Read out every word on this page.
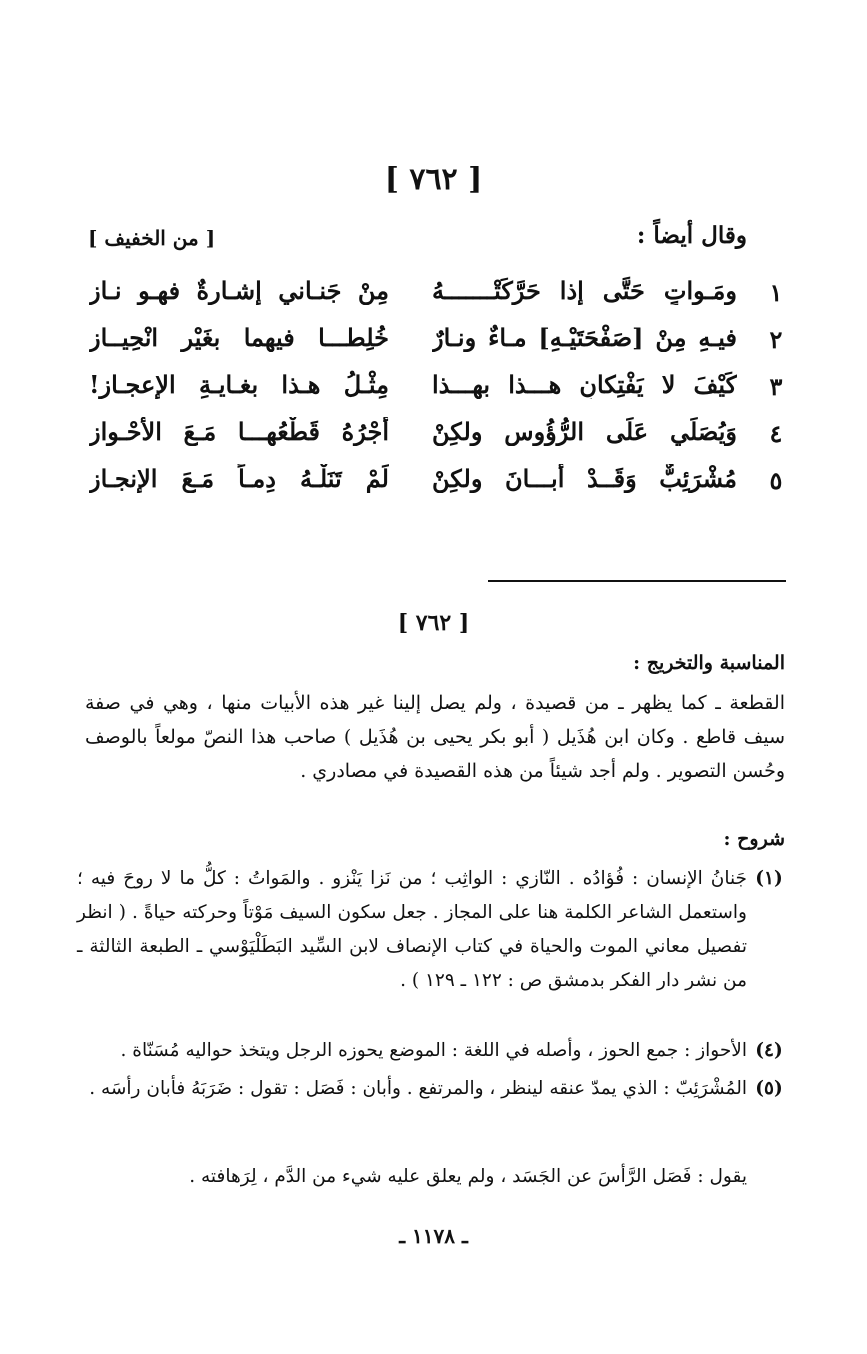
[ ٧٦٢ ]
وقال أيضاً :
[ من الخفيف ]
١
ومَـواتٍ حَتَّى إذا حَرَّكَتْـــــــهُ
مِنْ جَنـاني إشـارةٌ فهـو نـازِ
٢
فيـهِ مِنْ [صَفْحَتَيْـهِ] مـاءٌ ونـارٌ
خُلِطـــا فيهِما بغَيْرِ انْحِيــازِ
٣
كَيْفَ لا يَفْتِكانِ هـــذا بهـــذا
مِثْـلُ هـذا بغـايـةِ الإعجـازِ!
٤
وَيُصَلِّي عَلَى الرُّؤُوسِ ولكِنْ
أَجْرُهُ قَطْعُهـــا مَـعَ الأَحْـوازِ
٥
مُشْرَئِبٌّ وَقَــدْ أبـــانَ ولكِنْ
لَمْ تَنَلْـهُ دِمـاً مَـعَ الإنجـازِ
[ ٧٦٢ ]
المناسبة والتخريج :
القطعة ـ كما يظهر ـ من قصيدة ، ولم يصل إلينا غير هذه الأبيات منها ، وهي في صفة سيف قاطع . وكان ابن هُذَيل ( أبو بكر يحيى بن هُذَيل ) صاحب هذا النصّ مولعاً بالوصف وحُسن التصوير . ولم أجد شيئاً من هذه القصيدة في مصادري .
شروح :
(١)
جَنانُ الإنسان : فُؤادُه . النّازي : الواثِب ؛ من نَزا يَنْزو . والمَواتُ : كلُّ ما لا روحَ فيه ؛ واستعمل الشاعر الكلمة هنا على المجاز . جعل سكون السيف مَوْتاً وحركته حياةً . ( انظر تفصيل معاني الموت والحياة في كتاب الإنصاف لابن السِّيد البَطَلْيَوْسي ـ الطبعة الثالثة ـ من نشر دار الفكر بدمشق ص : ١٢٢ ـ ١٢٩ ) .
(٤)
الأحواز : جمع الحوز ، وأصله في اللغة : الموضع يحوزه الرجل ويتخذ حواليه مُسَنّاة .
(٥)
المُشْرَئِبّ : الذي يمدّ عنقه لينظر ، والمرتفع . وأبان : فَصَل : تقول : ضَرَبَهُ فأبان رأسَه .
يقول : فَصَل الرَّأسَ عن الجَسَد ، ولم يعلق عليه شيء من الدَّم ، لِرَهافته .
ـ ١١٧٨ ـ
